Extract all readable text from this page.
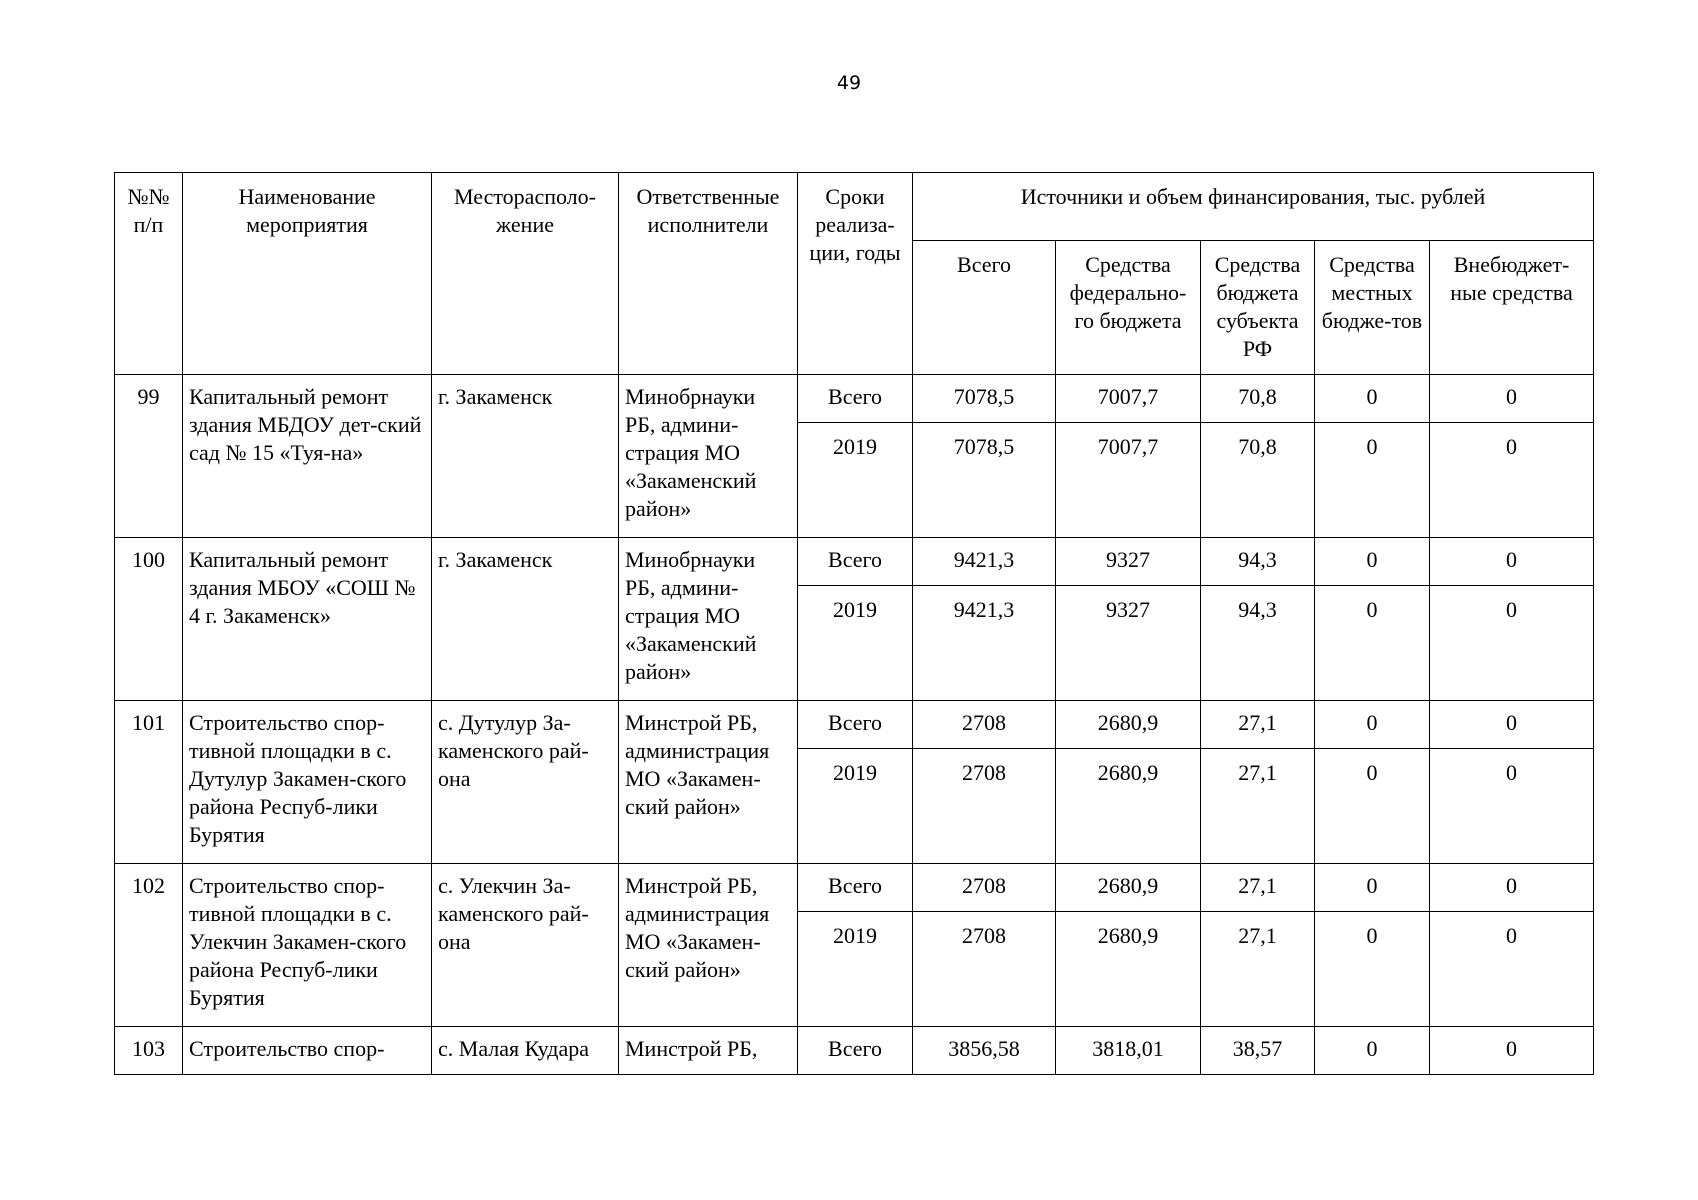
49
№№ п/п	Наименование мероприятия	Месторасполо-жение	Ответственные исполнители	Сроки реализа-ции, годы	Источники и объем финансирования, тыс. рублей				
					Всего	Средства федерально-го бюджета	Средства бюджета субъекта РФ	Средства местных бюдже-тов	Внебюджет-ные средства
99	Капитальный ремонт здания МБДОУ дет-ский сад № 15 «Туя-на»	г. Закаменск	Минобрнауки РБ, админи-страция МО «Закаменский район»	Всего	7078,5	7007,7	70,8	0	0
				2019	7078,5	7007,7	70,8	0	0
100	Капитальный ремонт здания МБОУ «СОШ № 4 г. Закаменск»	г. Закаменск	Минобрнауки РБ, админи-страция МО «Закаменский район»	Всего	9421,3	9327	94,3	0	0
				2019	9421,3	9327	94,3	0	0
101	Строительство спор-тивной площадки в с. Дутулур Закамен-ского района Респуб-лики Бурятия	с. Дутулур За-каменского рай-она	Минстрой РБ, администрация МО «Закамен-ский район»	Всего	2708	2680,9	27,1	0	0
				2019	2708	2680,9	27,1	0	0
102	Строительство спор-тивной площадки в с. Улекчин Закамен-ского района Респуб-лики Бурятия	с. Улекчин За-каменского рай-она	Минстрой РБ, администрация МО «Закамен-ский район»	Всего	2708	2680,9	27,1	0	0
				2019	2708	2680,9	27,1	0	0
103	Строительство спор-	с. Малая Кудара	Минстрой РБ,	Всего	3856,58	3818,01	38,57	0	0
